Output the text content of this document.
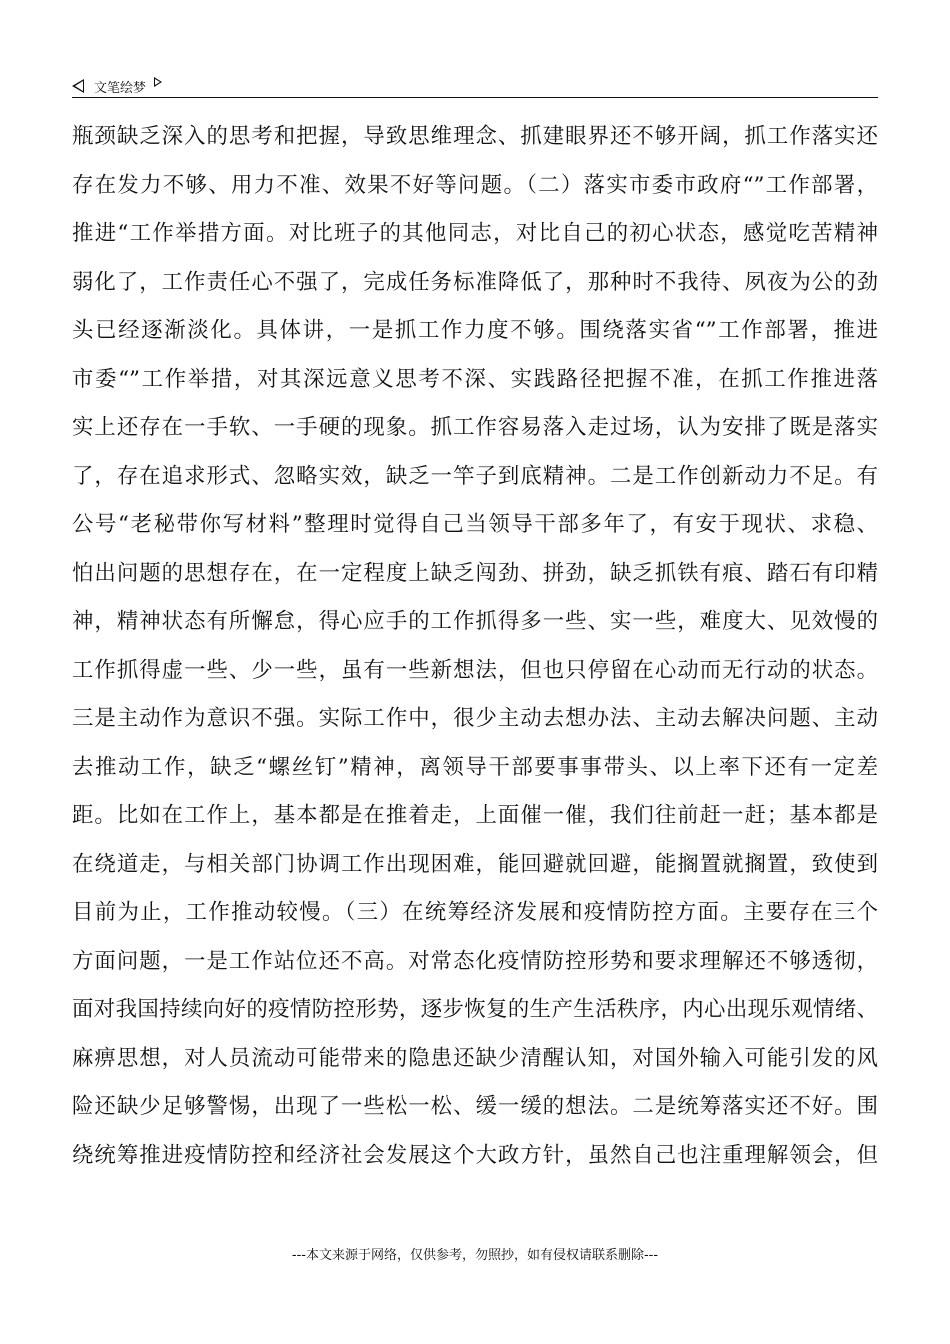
文笔绘梦
瓶颈缺乏深入的思考和把握，导致思维理念、抓建眼界还不够开阔，抓工作落实还
存在发力不够、用力不准、效果不好等问题。（二）落实市委市政府“”工作部署，
推进“工作举措方面。对比班子的其他同志，对比自己的初心状态，感觉吃苦精神
弱化了，工作责任心不强了，完成任务标准降低了，那种时不我待、夙夜为公的劲
头已经逐渐淡化。具体讲，一是抓工作力度不够。围绕落实省“”工作部署，推进
市委“”工作举措，对其深远意义思考不深、实践路径把握不准，在抓工作推进落
实上还存在一手软、一手硬的现象。抓工作容易落入走过场，认为安排了既是落实
了，存在追求形式、忽略实效，缺乏一竿子到底精神。二是工作创新动力不足。有
公号“老秘带你写材料”整理时觉得自己当领导干部多年了，有安于现状、求稳、
怕出问题的思想存在，在一定程度上缺乏闯劲、拼劲，缺乏抓铁有痕、踏石有印精
神，精神状态有所懈怠，得心应手的工作抓得多一些、实一些，难度大、见效慢的
工作抓得虚一些、少一些，虽有一些新想法，但也只停留在心动而无行动的状态。
三是主动作为意识不强。实际工作中，很少主动去想办法、主动去解决问题、主动
去推动工作，缺乏“螺丝钉”精神，离领导干部要事事带头、以上率下还有一定差
距。比如在工作上，基本都是在推着走，上面催一催，我们往前赶一赶；基本都是
在绕道走，与相关部门协调工作出现困难，能回避就回避，能搁置就搁置，致使到
目前为止，工作推动较慢。（三）在统筹经济发展和疫情防控方面。主要存在三个
方面问题，一是工作站位还不高。对常态化疫情防控形势和要求理解还不够透彻，
面对我国持续向好的疫情防控形势，逐步恢复的生产生活秩序，内心出现乐观情绪、
麻痹思想，对人员流动可能带来的隐患还缺少清醒认知，对国外输入可能引发的风
险还缺少足够警惕，出现了一些松一松、缓一缓的想法。二是统筹落实还不好。围
绕统筹推进疫情防控和经济社会发展这个大政方针，虽然自己也注重理解领会，但
---本文来源于网络，仅供参考，勿照抄，如有侵权请联系删除---
